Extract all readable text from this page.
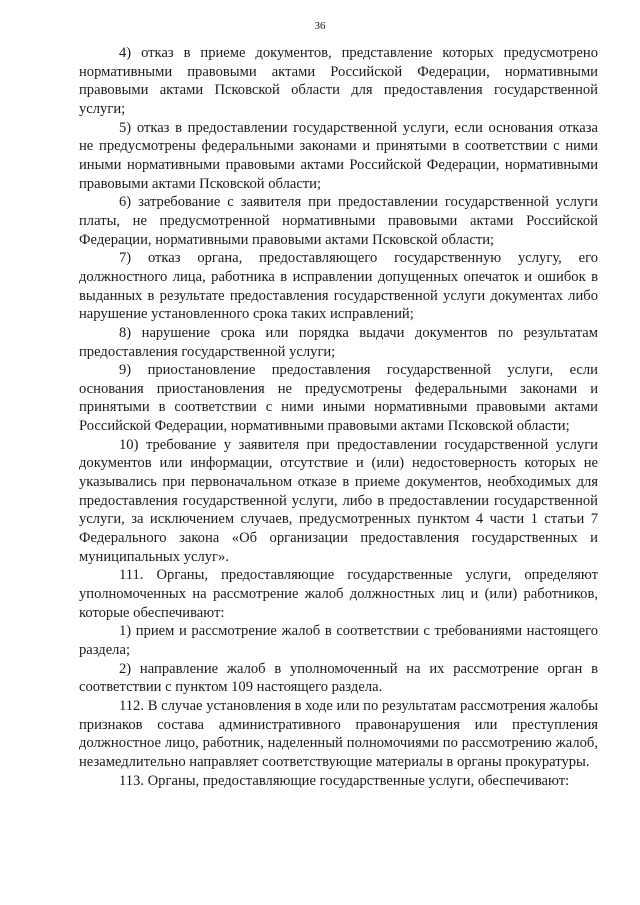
36

4) отказ в приеме документов, представление которых предусмотрено нормативными правовыми актами Российской Федерации, нормативными правовыми актами Псковской области для предоставления государственной услуги;

5) отказ в предоставлении государственной услуги, если основания отказа не предусмотрены федеральными законами и принятыми в соответствии с ними иными нормативными правовыми актами Российской Федерации, нормативными правовыми актами Псковской области;

6) затребование с заявителя при предоставлении государственной услуги платы, не предусмотренной нормативными правовыми актами Российской Федерации, нормативными правовыми актами Псковской области;

7) отказ органа, предоставляющего государственную услугу, его должностного лица, работника в исправлении допущенных опечаток и ошибок в выданных в результате предоставления государственной услуги документах либо нарушение установленного срока таких исправлений;

8) нарушение срока или порядка выдачи документов по результатам предоставления государственной услуги;

9) приостановление предоставления государственной услуги, если основания приостановления не предусмотрены федеральными законами и принятыми в соответствии с ними иными нормативными правовыми актами Российской Федерации, нормативными правовыми актами Псковской области;

10) требование у заявителя при предоставлении государственной услуги документов или информации, отсутствие и (или) недостоверность которых не указывались при первоначальном отказе в приеме документов, необходимых для предоставления государственной услуги, либо в предоставлении государственной услуги, за исключением случаев, предусмотренных пунктом 4 части 1 статьи 7 Федерального закона «Об организации предоставления государственных и муниципальных услуг».

111. Органы, предоставляющие государственные услуги, определяют уполномоченных на рассмотрение жалоб должностных лиц и (или) работников, которые обеспечивают:

1) прием и рассмотрение жалоб в соответствии с требованиями настоящего раздела;

2) направление жалоб в уполномоченный на их рассмотрение орган в соответствии с пунктом 109 настоящего раздела.

112. В случае установления в ходе или по результатам рассмотрения жалобы признаков состава административного правонарушения или преступления должностное лицо, работник, наделенный полномочиями по рассмотрению жалоб, незамедлительно направляет соответствующие материалы в органы прокуратуры.

113. Органы, предоставляющие государственные услуги, обеспечивают:
